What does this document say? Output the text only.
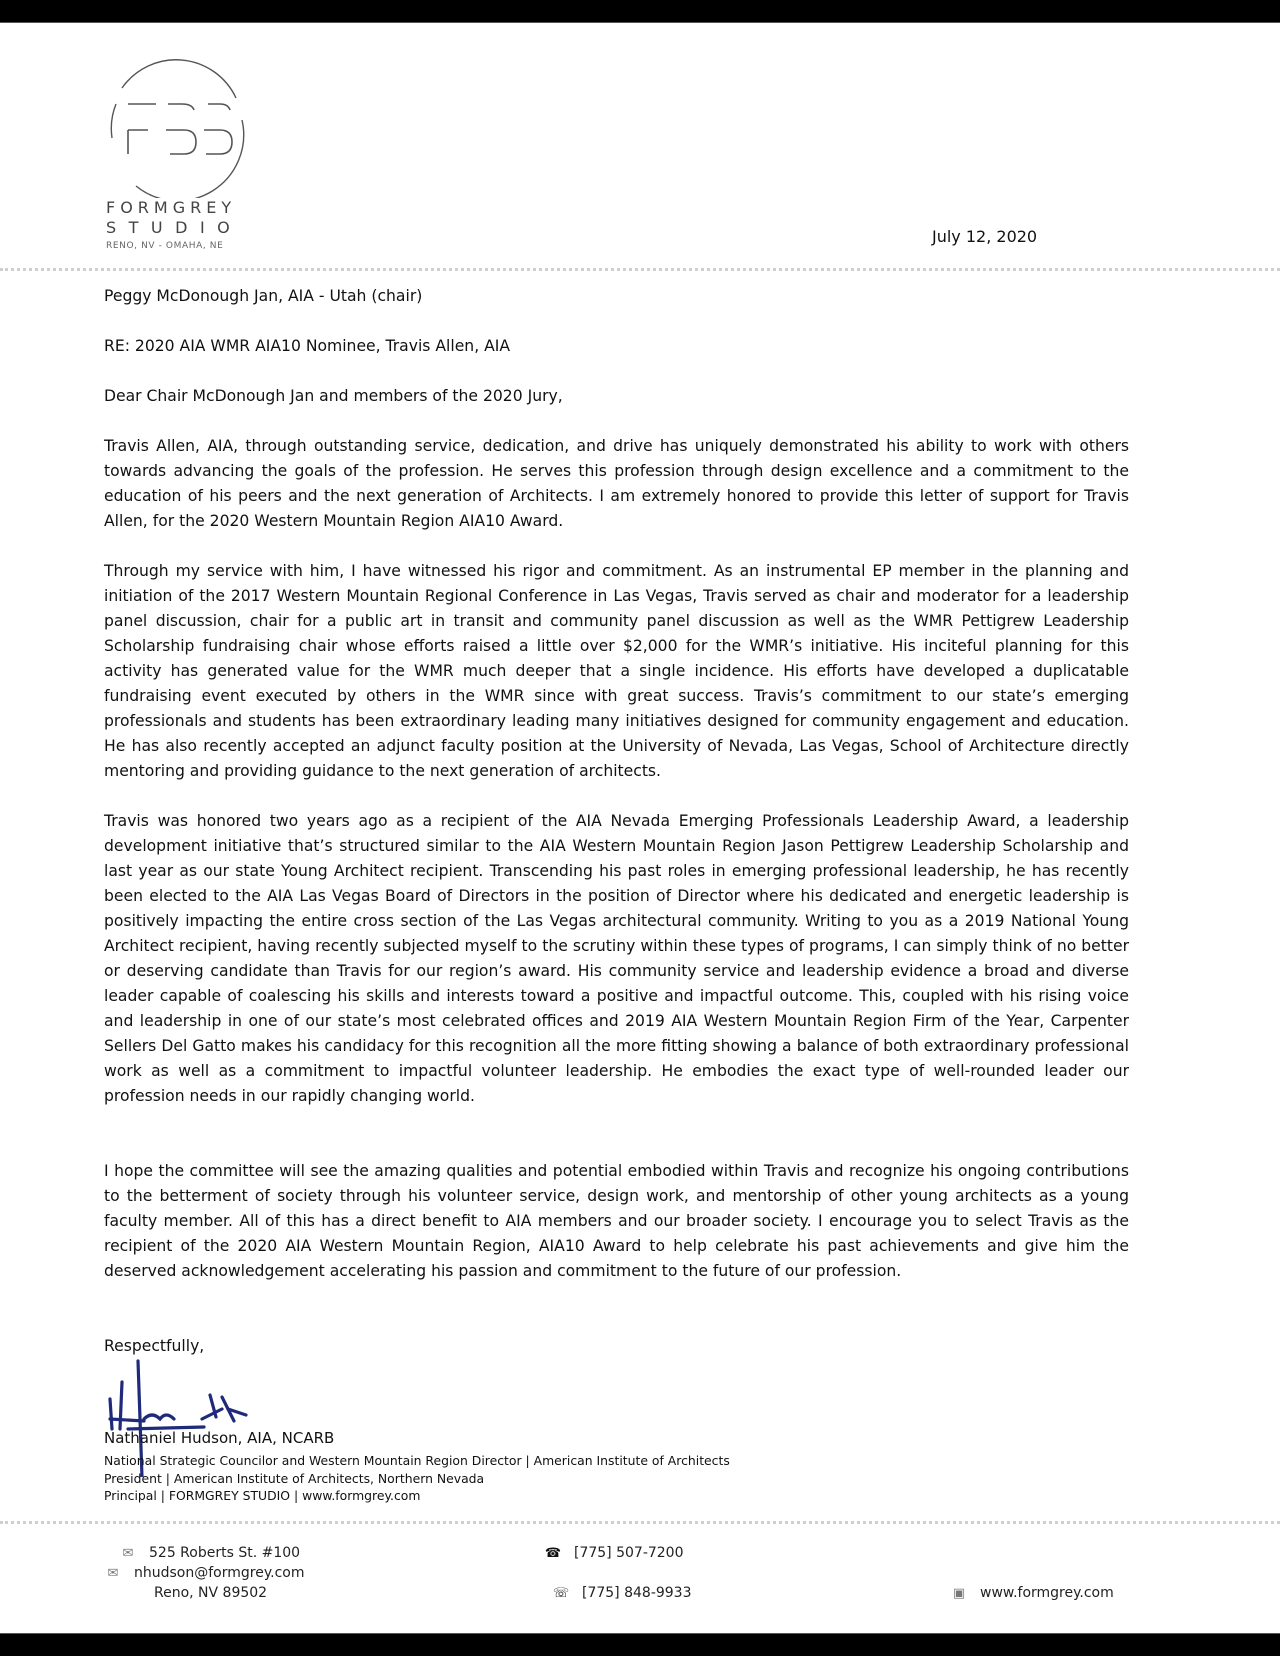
FORMGREY
STUDIO
RENO, NV - OMAHA, NE	July 12, 2020
Peggy McDonough Jan, AIA - Utah (chair)
RE: 2020 AIA WMR AIA10 Nominee, Travis Allen, AIA
Dear Chair McDonough Jan and members of the 2020 Jury,

Travis Allen, AIA, through outstanding service, dedication, and drive has uniquely demonstrated his ability to work with others towards advancing the goals of the profession. He serves this profession through design excellence and a commitment to the education of his peers and the next generation of Architects. I am extremely honored to provide this letter of support for Travis Allen, for the 2020 Western Mountain Region AIA10 Award.

Through my service with him, I have witnessed his rigor and commitment. As an instrumental EP member in the planning and initiation of the 2017 Western Mountain Regional Conference in Las Vegas, Travis served as chair and moderator for a leadership panel discussion, chair for a public art in transit and community panel discussion as well as the WMR Pettigrew Leadership Scholarship fundraising chair whose efforts raised a little over $2,000 for the WMR’s initiative. His inciteful planning for this activity has generated value for the WMR much deeper that a single incidence. His efforts have developed a duplicatable fundraising event executed by others in the WMR since with great success. Travis’s commitment to our state’s emerging professionals and students has been extraordinary leading many initiatives designed for community engagement and education. He has also recently accepted an adjunct faculty position at the University of Nevada, Las Vegas, School of Architecture directly mentoring and providing guidance to the next generation of architects.

Travis was honored two years ago as a recipient of the AIA Nevada Emerging Professionals Leadership Award, a leadership development initiative that’s structured similar to the AIA Western Mountain Region Jason Pettigrew Leadership Scholarship and last year as our state Young Architect recipient. Transcending his past roles in emerging professional leadership, he has recently been elected to the AIA Las Vegas Board of Directors in the position of Director where his dedicated and energetic leadership is positively impacting the entire cross section of the Las Vegas architectural community. Writing to you as a 2019 National Young Architect recipient, having recently subjected myself to the scrutiny within these types of programs, I can simply think of no better or deserving candidate than Travis for our region’s award. His community service and leadership evidence a broad and diverse leader capable of coalescing his skills and interests toward a positive and impactful outcome. This, coupled with his rising voice and leadership in one of our state’s most celebrated offices and 2019 AIA Western Mountain Region Firm of the Year, Carpenter Sellers Del Gatto makes his candidacy for this recognition all the more fitting showing a balance of both extraordinary professional work as well as a commitment to impactful volunteer leadership. He embodies the exact type of well-rounded leader our profession needs in our rapidly changing world.

I hope the committee will see the amazing qualities and potential embodied within Travis and recognize his ongoing contributions to the betterment of society through his volunteer service, design work, and mentorship of other young architects as a young faculty member. All of this has a direct benefit to AIA members and our broader society. I encourage you to select Travis as the recipient of the 2020 AIA Western Mountain Region, AIA10 Award to help celebrate his past achievements and give him the deserved acknowledgement accelerating his passion and commitment to the future of our profession.

Respectfully,
Nathaniel Hudson, AIA, NCARB
National Strategic Councilor and Western Mountain Region Director | American Institute of Architects
President | American Institute of Architects, Northern Nevada
Principal | FORMGREY STUDIO | www.formgrey.com
✉ 525 Roberts St. #100
✉ nhudson@formgrey.com
Reno, NV 89502
☎ [775] 507-7200
☏ [775] 848-9933	▣ www.formgrey.com
